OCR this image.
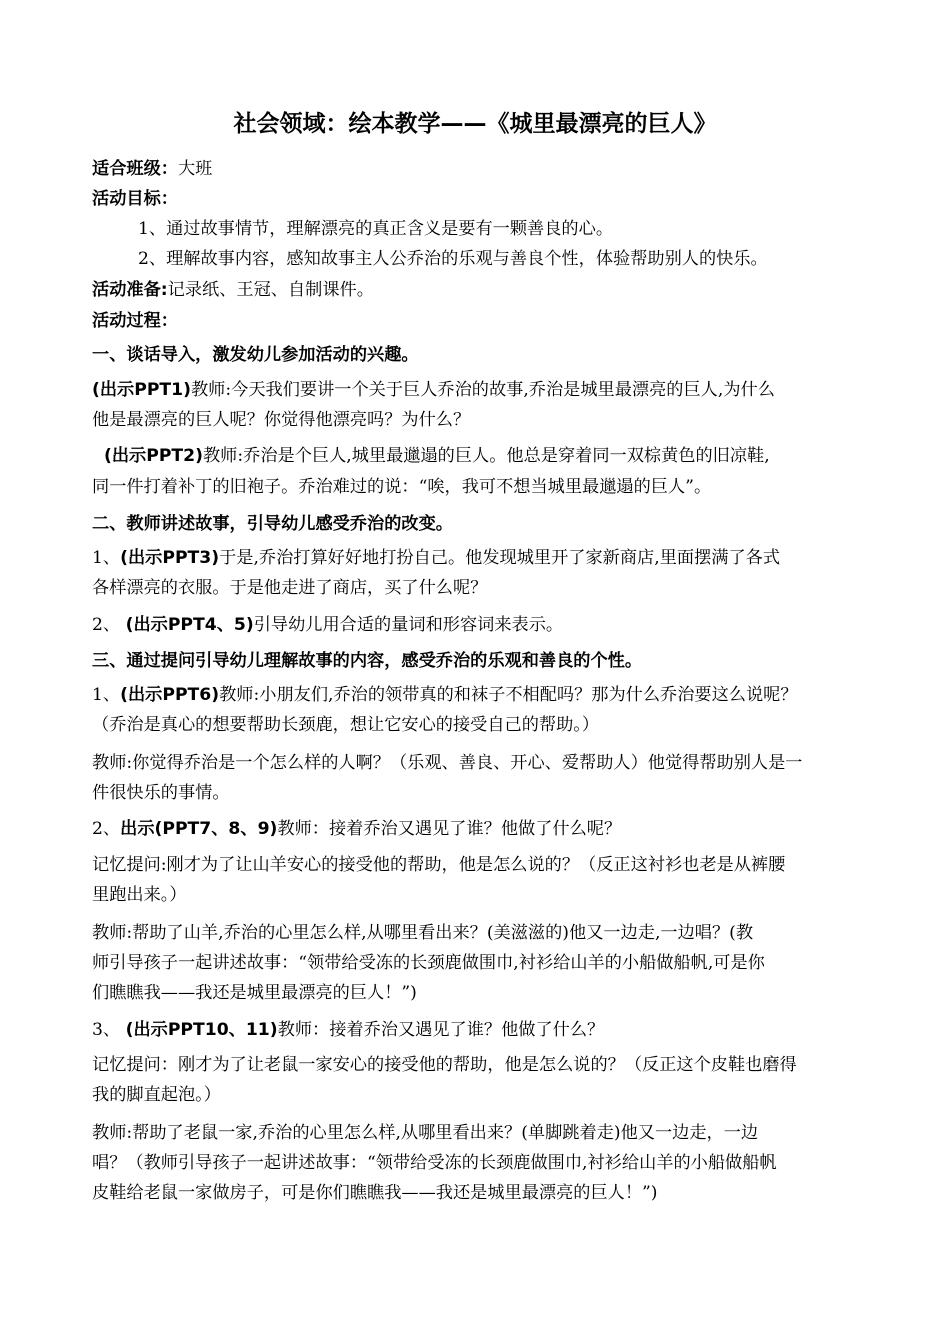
社会领域：绘本教学——《城里最漂亮的巨人》
适合班级：大班
活动目标：
1、通过故事情节，理解漂亮的真正含义是要有一颗善良的心。
2、理解故事内容，感知故事主人公乔治的乐观与善良个性，体验帮助别人的快乐。
活动准备:记录纸、王冠、自制课件。
活动过程：
一、谈话导入，激发幼儿参加活动的兴趣。
(出示PPT1)教师:今天我们要讲一个关于巨人乔治的故事,乔治是城里最漂亮的巨人,为什么
他是最漂亮的巨人呢？你觉得他漂亮吗？为什么？
(出示PPT2)教师:乔治是个巨人,城里最邋遢的巨人。他总是穿着同一双棕黄色的旧凉鞋,
同一件打着补丁的旧袍子。乔治难过的说：“唉，我可不想当城里最邋遢的巨人”。
二、教师讲述故事，引导幼儿感受乔治的改变。
1、(出示PPT3)于是,乔治打算好好地打扮自己。他发现城里开了家新商店,里面摆满了各式
各样漂亮的衣服。于是他走进了商店，买了什么呢？
2、 (出示PPT4、5)引导幼儿用合适的量词和形容词来表示。
三、通过提问引导幼儿理解故事的内容，感受乔治的乐观和善良的个性。
1、(出示PPT6)教师:小朋友们,乔治的领带真的和袜子不相配吗？那为什么乔治要这么说呢？
（乔治是真心的想要帮助长颈鹿，想让它安心的接受自己的帮助。）
教师:你觉得乔治是一个怎么样的人啊？（乐观、善良、开心、爱帮助人）他觉得帮助别人是一
件很快乐的事情。
2、出示(PPT7、8、9)教师：接着乔治又遇见了谁？他做了什么呢？
记忆提问:刚才为了让山羊安心的接受他的帮助，他是怎么说的？（反正这衬衫也老是从裤腰
里跑出来。）
教师:帮助了山羊,乔治的心里怎么样,从哪里看出来？(美滋滋的)他又一边走,一边唱？(教
师引导孩子一起讲述故事：“领带给受冻的长颈鹿做围巾,衬衫给山羊的小船做船帆,可是你
们瞧瞧我——我还是城里最漂亮的巨人！”)
3、 (出示PPT10、11)教师：接着乔治又遇见了谁？他做了什么？
记忆提问：刚才为了让老鼠一家安心的接受他的帮助，他是怎么说的？（反正这个皮鞋也磨得
我的脚直起泡。）
教师:帮助了老鼠一家,乔治的心里怎么样,从哪里看出来？(单脚跳着走)他又一边走，一边
唱？（教师引导孩子一起讲述故事：“领带给受冻的长颈鹿做围巾,衬衫给山羊的小船做船帆
皮鞋给老鼠一家做房子，可是你们瞧瞧我——我还是城里最漂亮的巨人！”)
